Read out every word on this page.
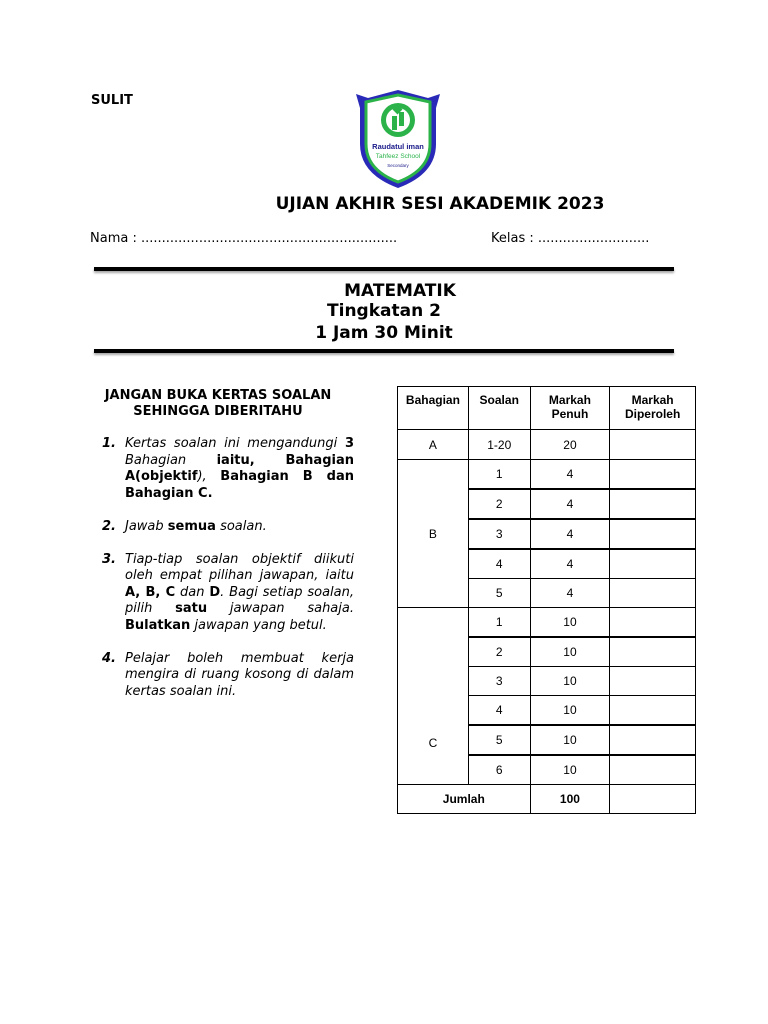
SULIT
Raudatul iman
Tahfeez School
Secondary
UJIAN AKHIR SESI AKADEMIK 2023
Nama : ..............................................................	Kelas : ...........................
MATEMATIK
Tingkatan 2
1 Jam 30 Minit
JANGAN BUKA KERTAS SOALAN SEHINGGA DIBERITAHU
1. Kertas soalan ini mengandungi 3 Bahagian iaitu, Bahagian A(objektif), Bahagian B dan Bahagian C.
2. Jawab semua soalan.
3. Tiap-tiap soalan objektif diikuti oleh empat pilihan jawapan, iaitu A, B, C dan D. Bagi setiap soalan, pilih satu jawapan sahaja. Bulatkan jawapan yang betul.
4. Pelajar boleh membuat kerja mengira di ruang kosong di dalam kertas soalan ini.
Bahagian	Soalan	Markah Penuh	Markah Diperoleh
A	1-20	20	
B	1	4	
	2	4	
	3	4	
	4	4	
	5	4	
C	1	10	
	2	10	
	3	10	
	4	10	
	5	10	
	6	10	
Jumlah		100	
